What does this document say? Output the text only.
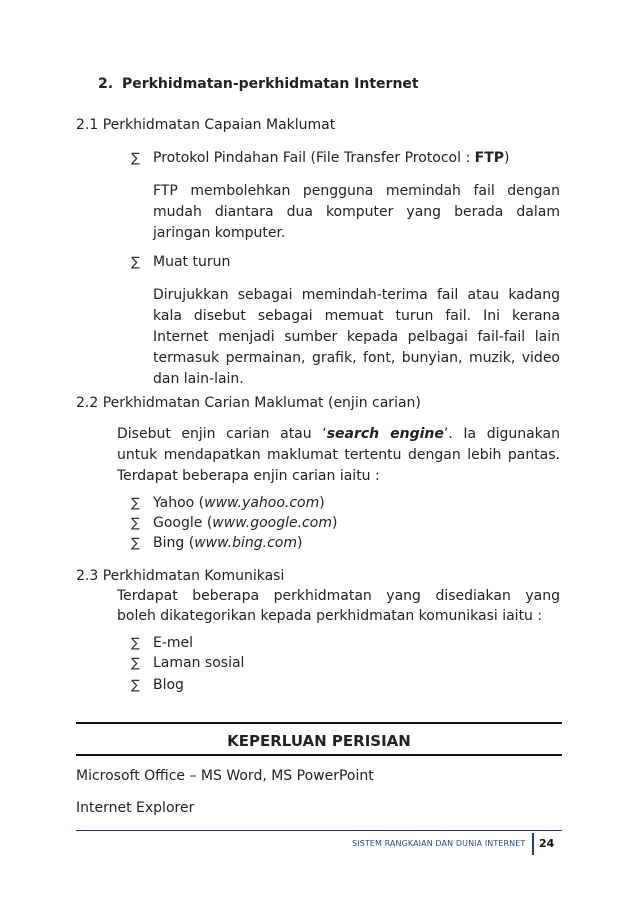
2. Perkhidmatan-perkhidmatan Internet
2.1 Perkhidmatan Capaian Maklumat
∑ Protokol Pindahan Fail (File Transfer Protocol : FTP)
FTP membolehkan pengguna memindah fail dengan mudah diantara dua komputer yang berada dalam jaringan komputer.
∑ Muat turun
Dirujukkan sebagai memindah-terima fail atau kadang kala disebut sebagai memuat turun fail. Ini kerana Internet menjadi sumber kepada pelbagai fail-fail lain termasuk permainan, grafik, font, bunyian, muzik, video dan lain-lain.
2.2 Perkhidmatan Carian Maklumat (enjin carian)
Disebut enjin carian atau ‘search engine’. Ia digunakan untuk mendapatkan maklumat tertentu dengan lebih pantas. Terdapat beberapa enjin carian iaitu :
∑ Yahoo (www.yahoo.com)
∑ Google (www.google.com)
∑ Bing (www.bing.com)
2.3 Perkhidmatan Komunikasi
Terdapat beberapa perkhidmatan yang disediakan yang
boleh dikategorikan kepada perkhidmatan komunikasi iaitu :
∑ E-mel
∑ Laman sosial
∑ Blog
KEPERLUAN PERISIAN
Microsoft Office – MS Word, MS PowerPoint
Internet Explorer
SISTEM RANGKAIAN DAN DUNIA INTERNET 24
